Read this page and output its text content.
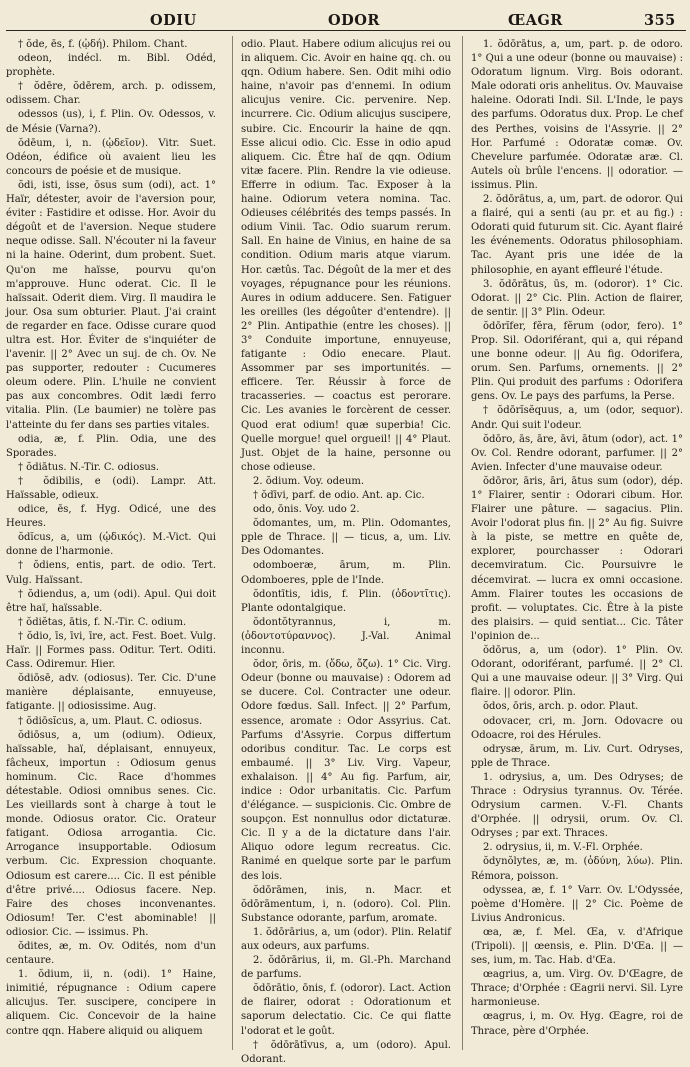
ODIU	ODOR	ŒAGR	355

† ŏde, ēs, f. (ᾠδή). Philom. Chant.

odeon, indécl. m. Bibl. Odéd, prophète.

† ŏdēre, ŏdērem, arch. p. odissem, odissem. Char.

odessos (us), i, f. Plin. Ov. Odessos, v. de Mésie (Varna?).

ŏdēum, i, n. (ᾠδεῖον). Vitr. Suet. Odéon, édifice où avaient lieu les concours de poésie et de musique.

ŏdi, isti, isse, ōsus sum (odi), act. 1° Haïr, détester, avoir de l'aversion pour, éviter : Fastidire et odisse. Hor. Avoir du dégoût et de l'aversion. Neque studere neque odisse. Sall. N'écouter ni la faveur ni la haine. Oderint, dum probent. Suet. Qu'on me haïsse, pourvu qu'on m'approuve. Hunc oderat. Cic. Il le haïssait. Oderit diem. Virg. Il maudira le jour. Osa sum obturier. Plaut. J'ai craint de regarder en face. Odisse curare quod ultra est. Hor. Éviter de s'inquiéter de l'avenir. || 2° Avec un suj. de ch. Ov. Ne pas supporter, redouter : Cucumeres oleum odere. Plin. L'huile ne convient pas aux concombres. Odit lædi ferro vitalia. Plin. (Le baumier) ne tolère pas l'atteinte du fer dans ses parties vitales.

odia, æ, f. Plin. Odia, une des Sporades.

† ŏdiātus. N.-Tir. C. odiosus.

† ŏdibilis, e (odi). Lampr. Att. Haïssable, odieux.

odice, ēs, f. Hyg. Odicé, une des Heures.

ŏdĭcus, a, um (ᾠδικός). M.-Vict. Qui donne de l'harmonie.

† ŏdiens, entis, part. de odio. Tert. Vulg. Haïssant.

† ŏdiendus, a, um (odi). Apul. Qui doit être haï, haïssable.

† ŏdiĕtas, ātis, f. N.-Tir. C. odium.

† ŏdio, īs, īvi, īre, act. Fest. Boet. Vulg. Haïr. || Formes pass. Oditur. Tert. Oditi. Cass. Odiremur. Hier.

ŏdiōsē, adv. (odiosus). Ter. Cic. D'une manière déplaisante, ennuyeuse, fatigante. || odiosissime. Aug.

† ŏdiōsĭcus, a, um. Plaut. C. odiosus.

ŏdiōsus, a, um (odium). Odieux, haïssable, haï, déplaisant, ennuyeux, fâcheux, importun : Odiosum genus hominum. Cic. Race d'hommes détestable. Odiosi omnibus senes. Cic. Les vieillards sont à charge à tout le monde. Odiosus orator. Cic. Orateur fatigant. Odiosa arrogantia. Cic. Arrogance insupportable. Odiosum verbum. Cic. Expression choquante. Odiosum est carere.... Cic. Il est pénible d'être privé.... Odiosus facere. Nep. Faire des choses inconvenantes. Odiosum! Ter. C'est abominable! || odiosior. Cic. — issimus. Ph.

ŏdites, æ, m. Ov. Odités, nom d'un centaure.

1. ŏdium, ii, n. (odi). 1° Haine, inimitié, répugnance : Odium capere alicujus. Ter. suscipere, concipere in aliquem. Cic. Concevoir de la haine contre qqn. Habere aliquid ou aliquem

odio. Plaut. Habere odium alicujus rei ou in aliquem. Cic. Avoir en haine qq. ch. ou qqn. Odium habere. Sen. Odit mihi odio haine, n'avoir pas d'ennemi. In odium alicujus venire. Cic. pervenire. Nep. incurrere. Cic. Odium alicujus suscipere, subire. Cic. Encourir la haine de qqn. Esse alicui odio. Cic. Esse in odio apud aliquem. Cic. Être haï de qqn. Odium vitæ facere. Plin. Rendre la vie odieuse. Efferre in odium. Tac. Exposer à la haine. Odiorum vetera nomina. Tac. Odieuses célébrités des temps passés. In odium Vinii. Tac. Odio suarum rerum. Sall. En haine de Vinius, en haine de sa condition. Odium maris atque viarum. Hor. cætûs. Tac. Dégoût de la mer et des voyages, répugnance pour les réunions. Aures in odium adducere. Sen. Fatiguer les oreilles (les dégoûter d'entendre). || 2° Plin. Antipathie (entre les choses). || 3° Conduite importune, ennuyeuse, fatigante : Odio enecare. Plaut. Assommer par ses importunités. — efficere. Ter. Réussir à force de tracasseries. — coactus est perorare. Cic. Les avanies le forcèrent de cesser. Quod erat odium! quæ superbia! Cic. Quelle morgue! quel orgueil! || 4° Plaut. Just. Objet de la haine, personne ou chose odieuse.

2. ŏdium. Voy. odeum.

† ŏdīvi, parf. de odio. Ant. ap. Cic.

odo, ōnis. Voy. udo 2.

ŏdomantes, um, m. Plin. Odomantes, pple de Thrace. || — ticus, a, um. Liv. Des Odomantes.

odomboeræ, ārum, m. Plin. Odomboeres, pple de l'Inde.

ŏdontītis, idis, f. Plin. (ὀδοντῖτις). Plante odontalgique.

ŏdontŏtyrannus, i, m. (ὀδοντοτύραννος). J.-Val. Animal inconnu.

ŏdor, ōris, m. (ὄδω, ὄζω). 1° Cic. Virg. Odeur (bonne ou mauvaise) : Odorem ad se ducere. Col. Contracter une odeur. Odore fœdus. Sall. Infect. || 2° Parfum, essence, aromate : Odor Assyrius. Cat. Parfums d'Assyrie. Corpus differtum odoribus conditur. Tac. Le corps est embaumé. || 3° Liv. Virg. Vapeur, exhalaison. || 4° Au fig. Parfum, air, indice : Odor urbanitatis. Cic. Parfum d'élégance. — suspicionis. Cic. Ombre de soupçon. Est nonnullus odor dictaturæ. Cic. Il y a de la dictature dans l'air. Aliquo odore legum recreatus. Cic. Ranimé en quelque sorte par le parfum des lois.

ŏdōrāmen, inis, n. Macr. et ŏdōrāmentum, i, n. (odoro). Col. Plin. Substance odorante, parfum, aromate.

1. ŏdōrārius, a, um (odor). Plin. Relatif aux odeurs, aux parfums.

2. ŏdōrārius, ii, m. Gl.-Ph. Marchand de parfums.

ŏdōrātio, ōnis, f. (odoror). Lact. Action de flairer, odorat : Odorationum et saporum delectatio. Cic. Ce qui flatte l'odorat et le goût.

† ŏdōrātīvus, a, um (odoro). Apul. Odorant.

1. ŏdōrātus, a, um, part. p. de odoro. 1° Qui a une odeur (bonne ou mauvaise) : Odoratum lignum. Virg. Bois odorant. Male odorati oris anhelitus. Ov. Mauvaise haleine. Odorati Indi. Sil. L'Inde, le pays des parfums. Odoratus dux. Prop. Le chef des Perthes, voisins de l'Assyrie. || 2° Hor. Parfumé : Odoratæ comæ. Ov. Chevelure parfumée. Odoratæ aræ. Cl. Autels où brûle l'encens. || odoratior. — issimus. Plin.

2. ŏdōrātus, a, um, part. de odoror. Qui a flairé, qui a senti (au pr. et au fig.) : Odorati quid futurum sit. Cic. Ayant flairé les événements. Odoratus philosophiam. Tac. Ayant pris une idée de la philosophie, en ayant effleuré l'étude.

3. ŏdōrātus, ūs, m. (odoror). 1° Cic. Odorat. || 2° Cic. Plin. Action de flairer, de sentir. || 3° Plin. Odeur.

ŏdōrĭfer, fĕra, fĕrum (odor, fero). 1° Prop. Sil. Odoriférant, qui a, qui répand une bonne odeur. || Au fig. Odorifera, orum. Sen. Parfums, ornements. || 2° Plin. Qui produit des parfums : Odorifera gens. Ov. Le pays des parfums, la Perse.

† ŏdōrĭsĕquus, a, um (odor, sequor). Andr. Qui suit l'odeur.

ŏdōro, ās, āre, āvi, ātum (odor), act. 1° Ov. Col. Rendre odorant, parfumer. || 2° Avien. Infecter d'une mauvaise odeur.

ŏdōror, āris, āri, ātus sum (odor), dép. 1° Flairer, sentir : Odorari cibum. Hor. Flairer une pâture. — sagacius. Plin. Avoir l'odorat plus fin. || 2° Au fig. Suivre à la piste, se mettre en quête de, explorer, pourchasser : Odorari decemviratum. Cic. Poursuivre le décemvirat. — lucra ex omni occasione. Amm. Flairer toutes les occasions de profit. — voluptates. Cic. Être à la piste des plaisirs. — quid sentiat... Cic. Tâter l'opinion de...

ŏdōrus, a, um (odor). 1° Plin. Ov. Odorant, odoriférant, parfumé. || 2° Cl. Qui a une mauvaise odeur. || 3° Virg. Qui flaire. || odoror. Plin.

ŏdos, ōris, arch. p. odor. Plaut.

odovacer, cri, m. Jorn. Odovacre ou Odoacre, roi des Hérules.

odrysæ, ārum, m. Liv. Curt. Odryses, pple de Thrace.

1. odrysius, a, um. Des Odryses; de Thrace : Odrysius tyrannus. Ov. Térée. Odrysium carmen. V.-Fl. Chants d'Orphée. || odrysii, orum. Ov. Cl. Odryses ; par ext. Thraces.

2. odrysius, ii, m. V.-Fl. Orphée.

ŏdynŏlytes, æ, m. (ὀδύνη, λύω). Plin. Rémora, poisson.

odyssea, æ, f. 1° Varr. Ov. L'Odyssée, poème d'Homère. || 2° Cic. Poème de Livius Andronicus.

œa, æ, f. Mel. Œa, v. d'Afrique (Tripoli). || œensis, e. Plin. D'Œa. || — ses, ium, m. Tac. Hab. d'Œa.

œagrius, a, um. Virg. Ov. D'Œagre, de Thrace; d'Orphée : Œagrii nervi. Sil. Lyre harmonieuse.

œagrus, i, m. Ov. Hyg. Œagre, roi de Thrace, père d'Orphée.
